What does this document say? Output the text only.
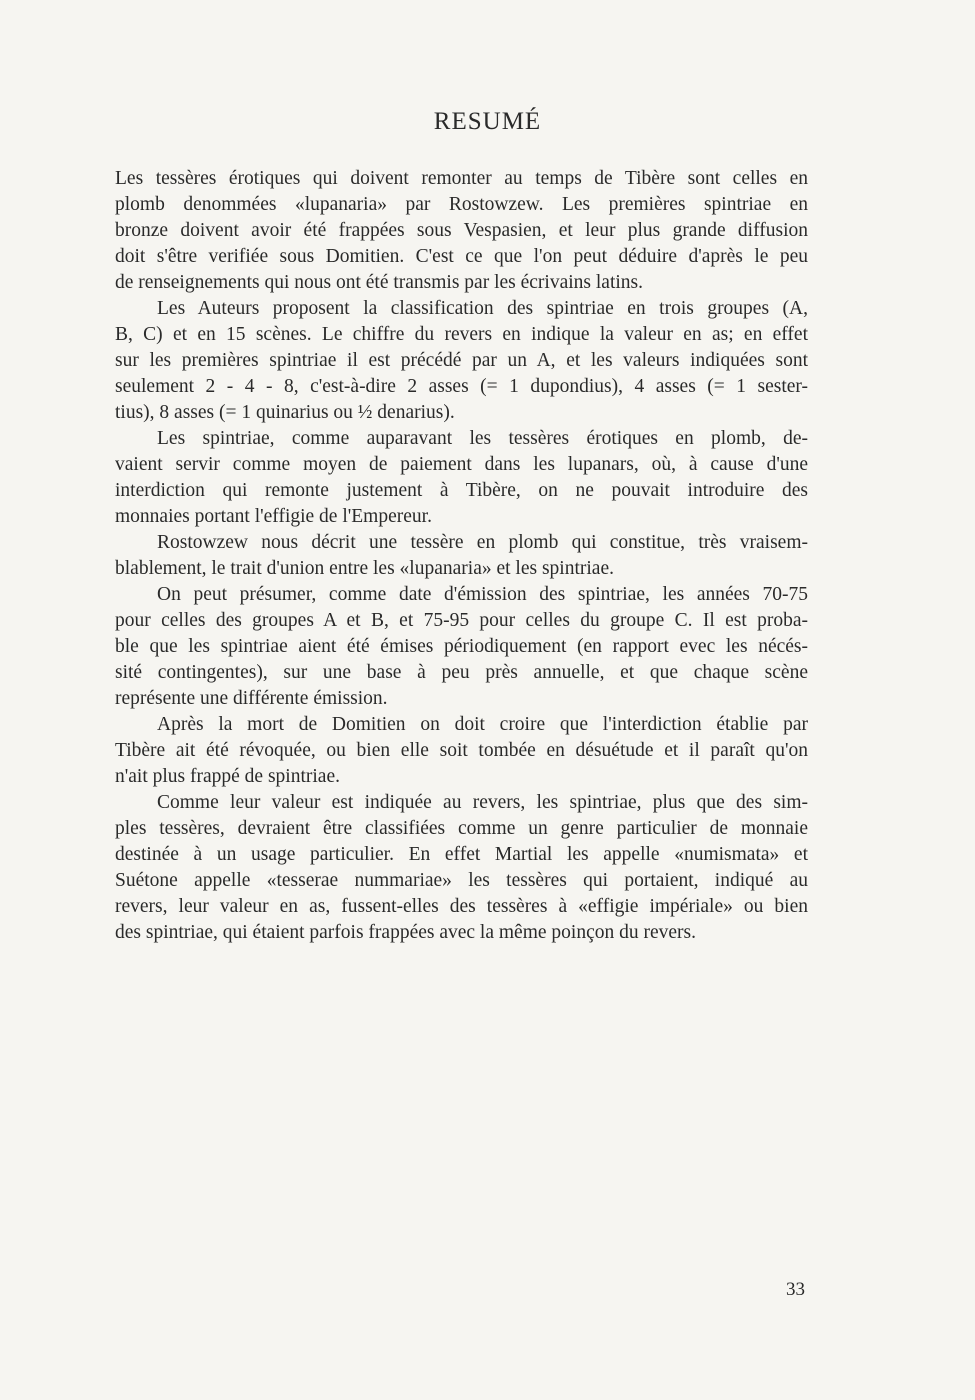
RESUMÉ

Les tessères érotiques qui doivent remonter au temps de Tibère sont celles en
plomb denommées «lupanaria» par Rostowzew. Les premières spintriae en
bronze doivent avoir été frappées sous Vespasien, et leur plus grande diffusion
doit s'être verifiée sous Domitien. C'est ce que l'on peut déduire d'après le peu
de renseignements qui nous ont été transmis par les écrivains latins.

Les Auteurs proposent la classification des spintriae en trois groupes (A,
B, C) et en 15 scènes. Le chiffre du revers en indique la valeur en as; en effet
sur les premières spintriae il est précédé par un A, et les valeurs indiquées sont
seulement 2 - 4 - 8, c'est-à-dire 2 asses (= 1 dupondius), 4 asses (= 1 sester-
tius), 8 asses (= 1 quinarius ou ½ denarius).

Les spintriae, comme auparavant les tessères érotiques en plomb, de-
vaient servir comme moyen de paiement dans les lupanars, où, à cause d'une
interdiction qui remonte justement à Tibère, on ne pouvait introduire des
monnaies portant l'effigie de l'Empereur.

Rostowzew nous décrit une tessère en plomb qui constitue, très vraisem-
blablement, le trait d'union entre les «lupanaria» et les spintriae.

On peut présumer, comme date d'émission des spintriae, les années 70-75
pour celles des groupes A et B, et 75-95 pour celles du groupe C. Il est proba-
ble que les spintriae aient été émises périodiquement (en rapport evec les nécés-
sité contingentes), sur une base à peu près annuelle, et que chaque scène
représente une différente émission.

Après la mort de Domitien on doit croire que l'interdiction établie par
Tibère ait été révoquée, ou bien elle soit tombée en désuétude et il paraît qu'on
n'ait plus frappé de spintriae.

Comme leur valeur est indiquée au revers, les spintriae, plus que des sim-
ples tessères, devraient être classifiées comme un genre particulier de monnaie
destinée à un usage particulier. En effet Martial les appelle «numismata» et
Suétone appelle «tesserae nummariae» les tessères qui portaient, indiqué au
revers, leur valeur en as, fussent-elles des tessères à «effigie impériale» ou bien
des spintriae, qui étaient parfois frappées avec la même poinçon du revers.

33
